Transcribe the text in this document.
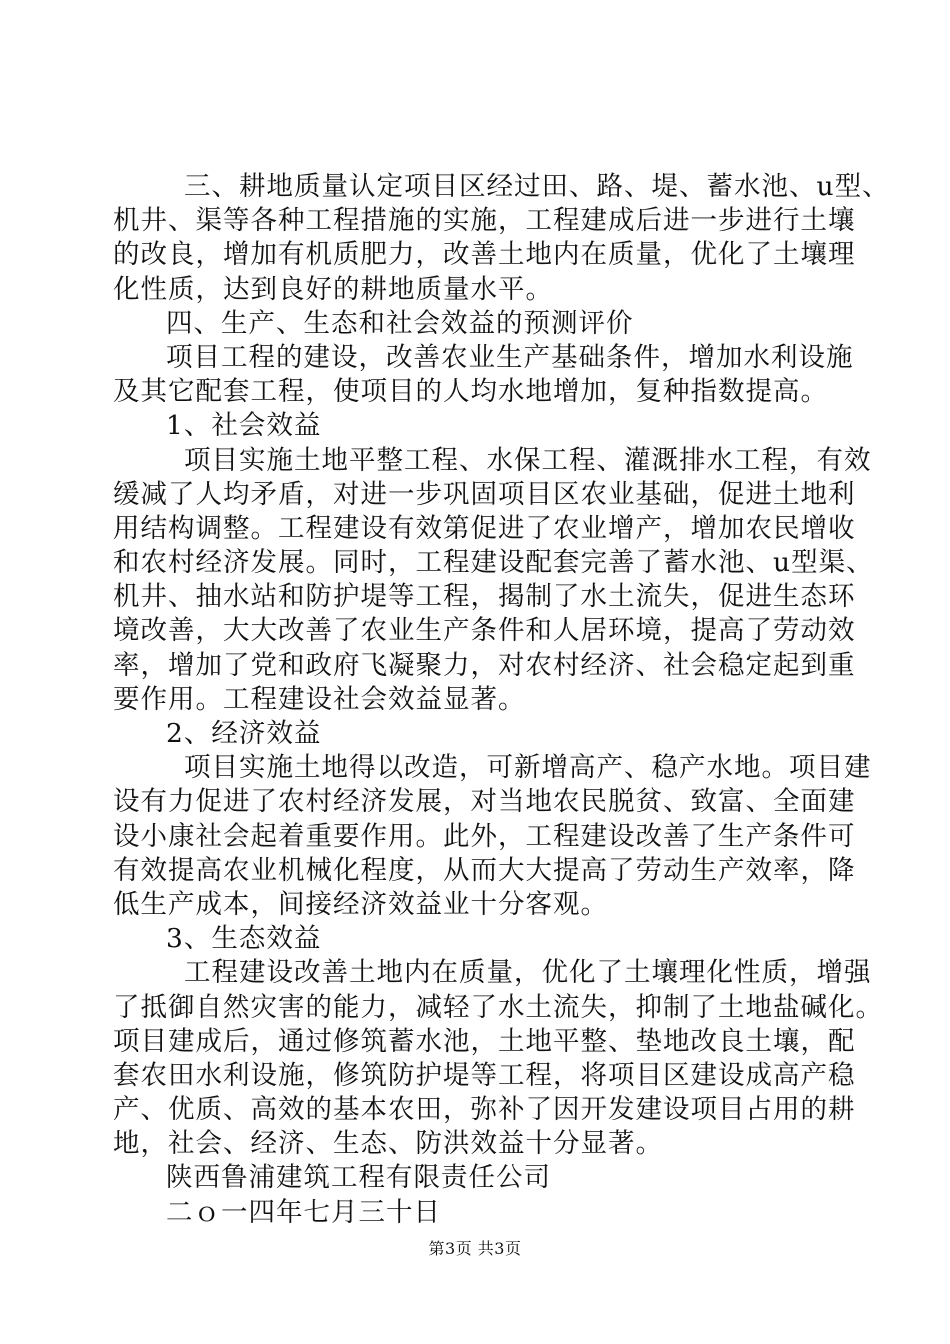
三、耕地质量认定项目区经过田、路、堤、蓄水池、u型、
机井、渠等各种工程措施的实施，工程建成后进一步进行土壤
的改良，增加有机质肥力，改善土地内在质量，优化了土壤理
化性质，达到良好的耕地质量水平。
四、生产、生态和社会效益的预测评价
项目工程的建设，改善农业生产基础条件，增加水利设施
及其它配套工程，使项目的人均水地增加，复种指数提高。
1、社会效益
项目实施土地平整工程、水保工程、灌溉排水工程，有效
缓减了人均矛盾，对进一步巩固项目区农业基础，促进土地利
用结构调整。工程建设有效第促进了农业增产，增加农民增收
和农村经济发展。同时，工程建设配套完善了蓄水池、u型渠、
机井、抽水站和防护堤等工程，揭制了水土流失，促进生态环
境改善，大大改善了农业生产条件和人居环境，提高了劳动效
率，增加了党和政府飞凝聚力，对农村经济、社会稳定起到重
要作用。工程建设社会效益显著。
2、经济效益
项目实施土地得以改造，可新增高产、稳产水地。项目建
设有力促进了农村经济发展，对当地农民脱贫、致富、全面建
设小康社会起着重要作用。此外，工程建设改善了生产条件可
有效提高农业机械化程度，从而大大提高了劳动生产效率，降
低生产成本，间接经济效益业十分客观。
3、生态效益
工程建设改善土地内在质量，优化了土壤理化性质，增强
了抵御自然灾害的能力，减轻了水土流失，抑制了土地盐碱化。
项目建成后，通过修筑蓄水池，土地平整、垫地改良土壤，配
套农田水利设施，修筑防护堤等工程，将项目区建设成高产稳
产、优质、高效的基本农田，弥补了因开发建设项目占用的耕
地，社会、经济、生态、防洪效益十分显著。
陕西鲁浦建筑工程有限责任公司
二ｏ一四年七月三十日
第3页 共3页
